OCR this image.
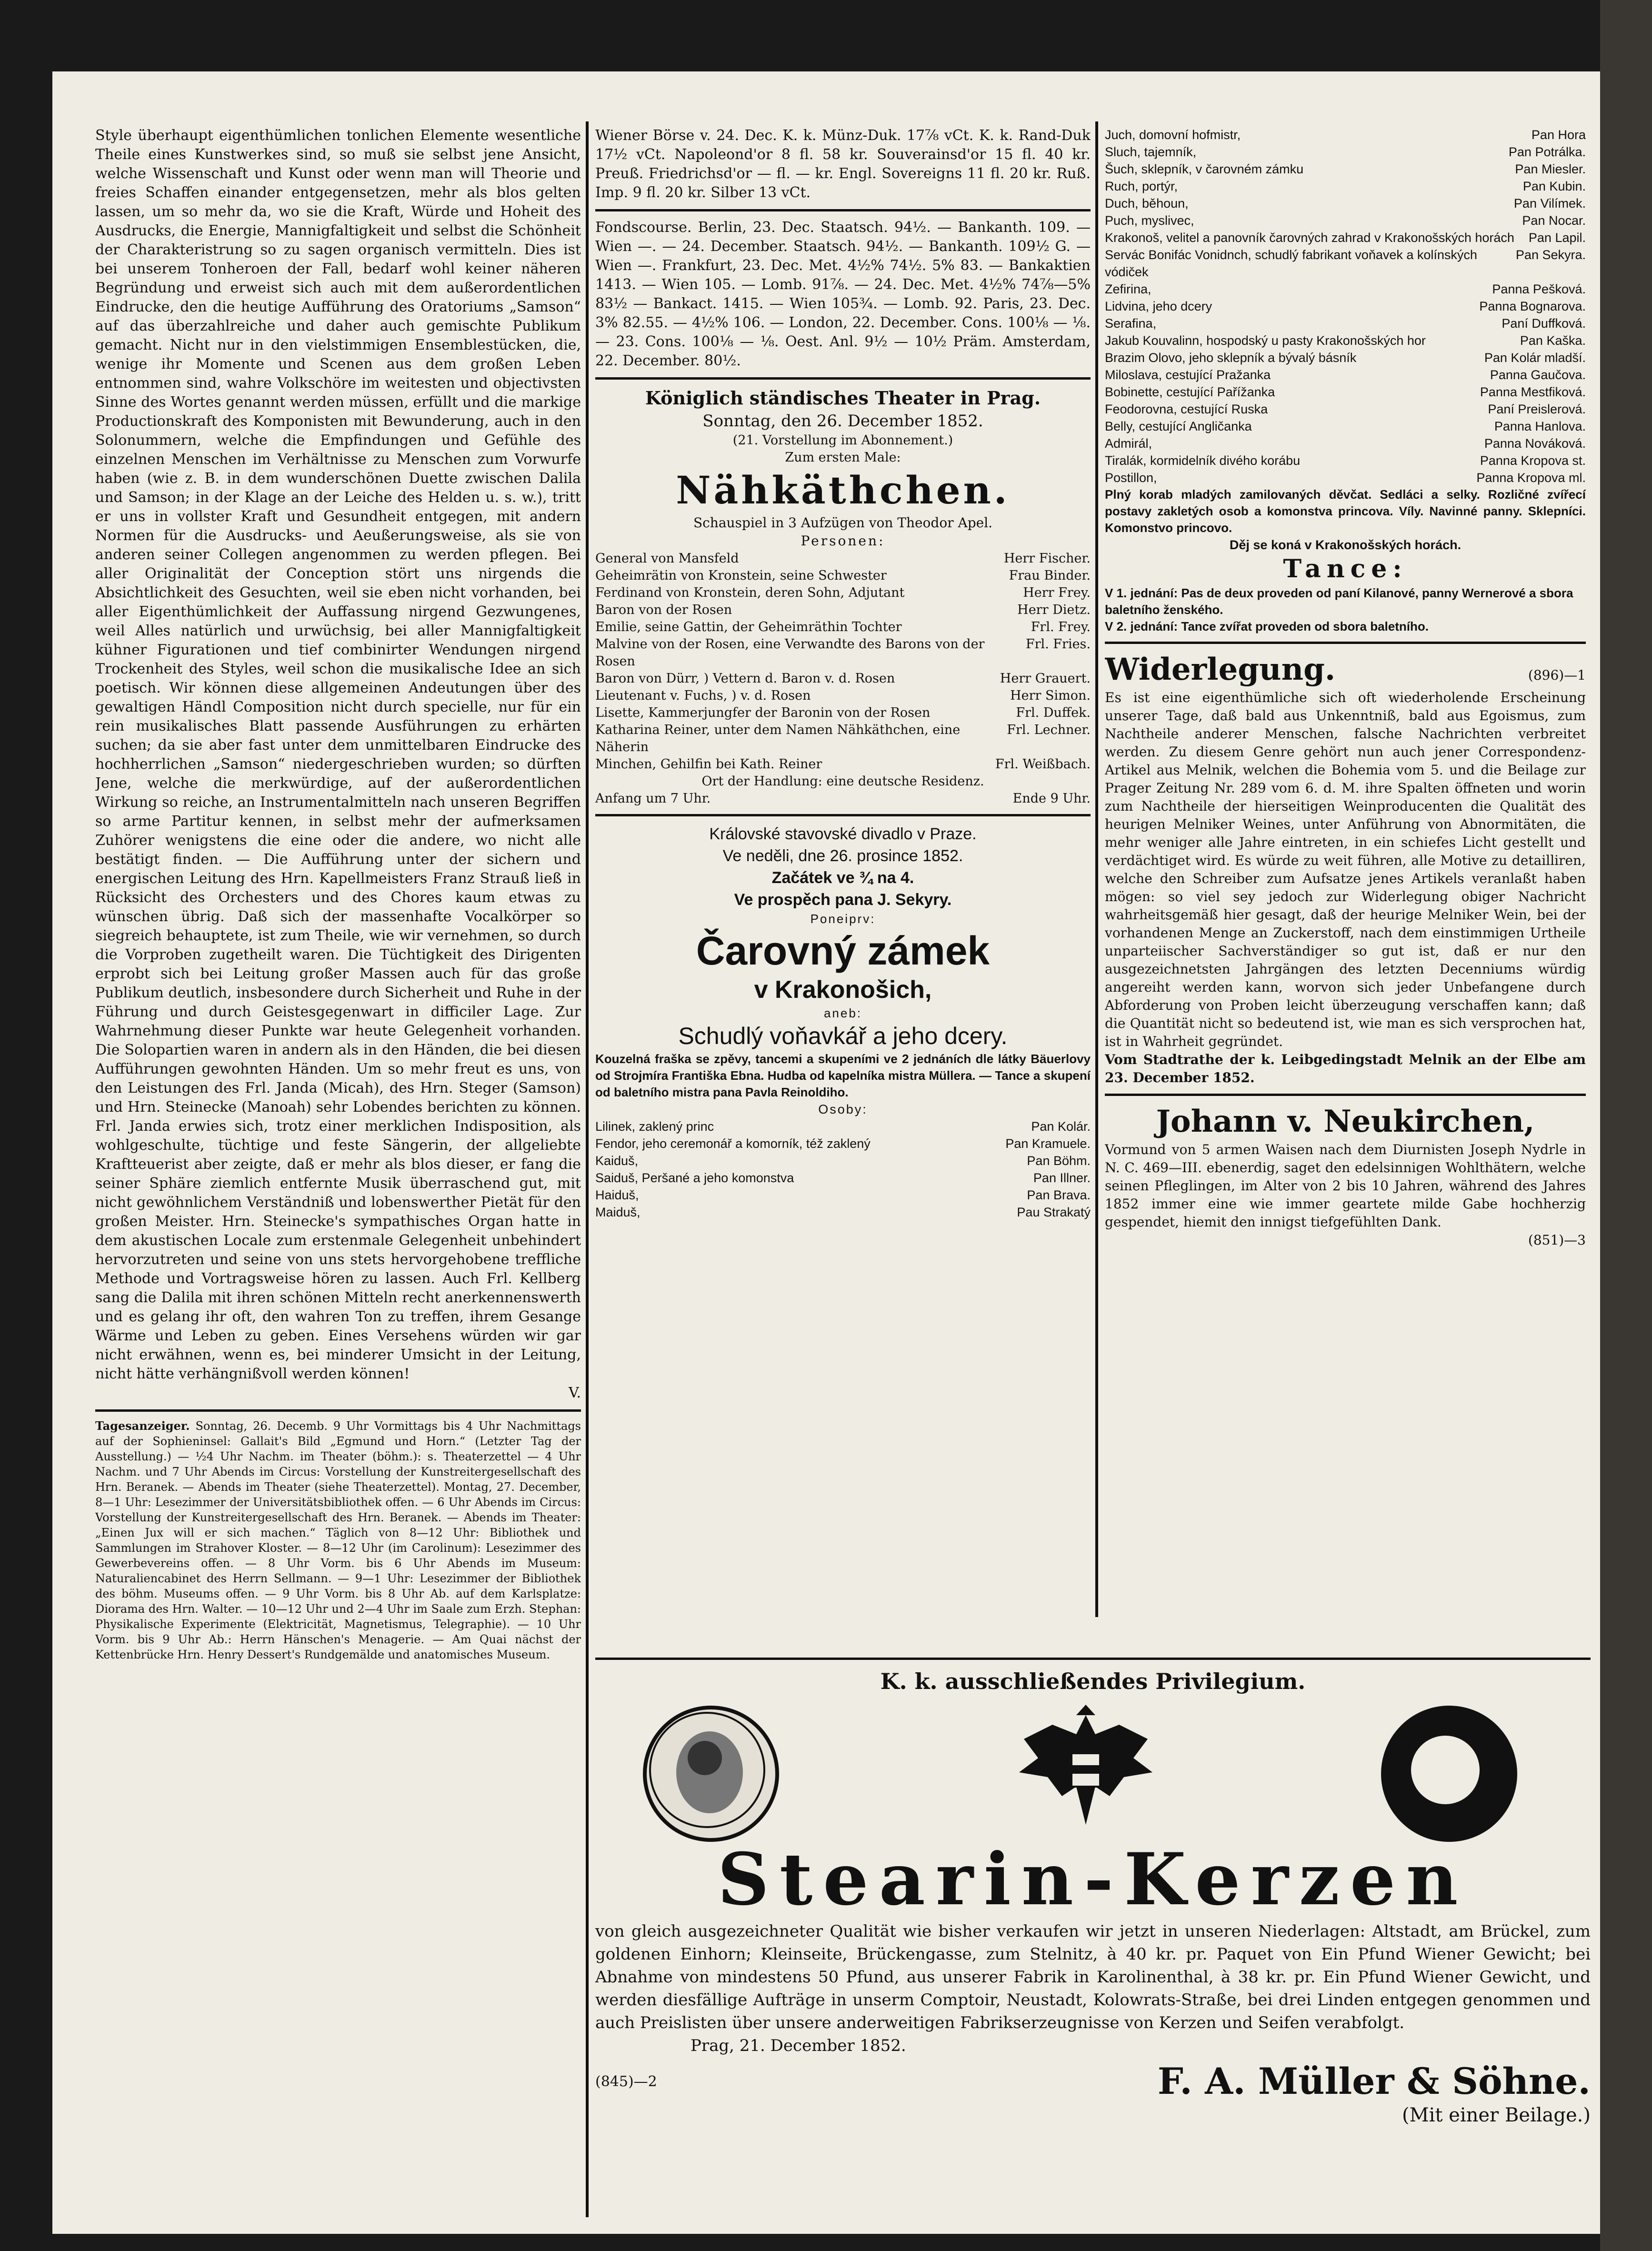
Style überhaupt eigenthümlichen tonlichen Elemente wesentliche Theile eines Kunstwerkes sind, so muß sie selbst jene Ansicht, welche Wissenschaft und Kunst oder wenn man will Theorie und freies Schaffen einander entgegensetzen, mehr als blos gelten lassen, um so mehr da, wo sie die Kraft, Würde und Hoheit des Ausdrucks, die Energie, Mannigfaltigkeit und selbst die Schönheit der Charakteristrung so zu sagen organisch vermitteln. Dies ist bei unserem Tonheroen der Fall, bedarf wohl keiner näheren Begründung und erweist sich auch mit dem außerordentlichen Eindrucke, den die heutige Aufführung des Oratoriums „Samson“ auf das überzahlreiche und daher auch gemischte Publikum gemacht. Nicht nur in den vielstimmigen Ensemblestücken, die, wenige ihr Momente und Scenen aus dem großen Leben entnommen sind, wahre Volkschöre im weitesten und objectivsten Sinne des Wortes genannt werden müssen, erfüllt und die markige Productionskraft des Komponisten mit Bewunderung, auch in den Solonummern, welche die Empfindungen und Gefühle des einzelnen Menschen im Verhältnisse zu Menschen zum Vorwurfe haben (wie z. B. in dem wunderschönen Duette zwischen Dalila und Samson; in der Klage an der Leiche des Helden u. s. w.), tritt er uns in vollster Kraft und Gesundheit entgegen, mit andern Normen für die Ausdrucks- und Aeußerungsweise, als sie von anderen seiner Collegen angenommen zu werden pflegen. Bei aller Originalität der Conception stört uns nirgends die Absichtlichkeit des Gesuchten, weil sie eben nicht vorhanden, bei aller Eigenthümlichkeit der Auffassung nirgend Gezwungenes, weil Alles natürlich und urwüchsig, bei aller Mannigfaltigkeit kühner Figurationen und tief combinirter Wendungen nirgend Trockenheit des Styles, weil schon die musikalische Idee an sich poetisch. Wir können diese allgemeinen Andeutungen über des gewaltigen Händl Composition nicht durch specielle, nur für ein rein musikalisches Blatt passende Ausführungen zu erhärten suchen; da sie aber fast unter dem unmittelbaren Eindrucke des hochherrlichen „Samson“ niedergeschrieben wurden; so dürften Jene, welche die merkwürdige, auf der außerordentlichen Wirkung so reiche, an Instrumentalmitteln nach unseren Begriffen so arme Partitur kennen, in selbst mehr der aufmerksamen Zuhörer wenigstens die eine oder die andere, wo nicht alle bestätigt finden. — Die Aufführung unter der sichern und energischen Leitung des Hrn. Kapellmeisters Franz Strauß ließ in Rücksicht des Orchesters und des Chores kaum etwas zu wünschen übrig. Daß sich der massenhafte Vocalkörper so siegreich behauptete, ist zum Theile, wie wir vernehmen, so durch die Vorproben zugetheilt waren. Die Tüchtigkeit des Dirigenten erprobt sich bei Leitung großer Massen auch für das große Publikum deutlich, insbesondere durch Sicherheit und Ruhe in der Führung und durch Geistesgegenwart in difficiler Lage. Zur Wahrnehmung dieser Punkte war heute Gelegenheit vorhanden. Die Solopartien waren in andern als in den Händen, die bei diesen Aufführungen gewohnten Händen. Um so mehr freut es uns, von den Leistungen des Frl. Janda (Micah), des Hrn. Steger (Samson) und Hrn. Steinecke (Manoah) sehr Lobendes berichten zu können. Frl. Janda erwies sich, trotz einer merklichen Indisposition, als wohlgeschulte, tüchtige und feste Sängerin, der allgeliebte Kraftteuerist aber zeigte, daß er mehr als blos dieser, er fang die seiner Sphäre ziemlich entfernte Musik überraschend gut, mit nicht gewöhnlichem Verständniß und lobenswerther Pietät für den großen Meister. Hrn. Steinecke's sympathisches Organ hatte in dem akustischen Locale zum erstenmale Gelegenheit unbehindert hervorzutreten und seine von uns stets hervorgehobene treffliche Methode und Vortragsweise hören zu lassen. Auch Frl. Kellberg sang die Dalila mit ihren schönen Mitteln recht anerkennenswerth und es gelang ihr oft, den wahren Ton zu treffen, ihrem Gesange Wärme und Leben zu geben. Eines Versehens würden wir gar nicht erwähnen, wenn es, bei minderer Umsicht in der Leitung, nicht hätte verhängnißvoll werden können!

V.

Tagesanzeiger. Sonntag, 26. Decemb. 9 Uhr Vormittags bis 4 Uhr Nachmittags auf der Sophieninsel: Gallait's Bild „Egmund und Horn.“ (Letzter Tag der Ausstellung.) — ½4 Uhr Nachm. im Theater (böhm.): s. Theaterzettel — 4 Uhr Nachm. und 7 Uhr Abends im Circus: Vorstellung der Kunstreitergesellschaft des Hrn. Beranek. — Abends im Theater (siehe Theaterzettel). Montag, 27. December, 8—1 Uhr: Lesezimmer der Universitätsbibliothek offen. — 6 Uhr Abends im Circus: Vorstellung der Kunstreitergesellschaft des Hrn. Beranek. — Abends im Theater: „Einen Jux will er sich machen.“ Täglich von 8—12 Uhr: Bibliothek und Sammlungen im Strahover Kloster. — 8—12 Uhr (im Carolinum): Lesezimmer des Gewerbevereins offen. — 8 Uhr Vorm. bis 6 Uhr Abends im Museum: Naturaliencabinet des Herrn Sellmann. — 9—1 Uhr: Lesezimmer der Bibliothek des böhm. Museums offen. — 9 Uhr Vorm. bis 8 Uhr Ab. auf dem Karlsplatze: Diorama des Hrn. Walter. — 10—12 Uhr und 2—4 Uhr im Saale zum Erzh. Stephan: Physikalische Experimente (Elektricität, Magnetismus, Telegraphie). — 10 Uhr Vorm. bis 9 Uhr Ab.: Herrn Hänschen's Menagerie. — Am Quai nächst der Kettenbrücke Hrn. Henry Dessert's Rundgemälde und anatomisches Museum.

Wiener Börse v. 24. Dec. K. k. Münz-Duk. 17⅞ vCt. K. k. Rand-Duk 17½ vCt. Napoleond'or 8 fl. 58 kr. Souverainsd'or 15 fl. 40 kr. Preuß. Friedrichsd'or — fl. — kr. Engl. Sovereigns 11 fl. 20 kr. Ruß. Imp. 9 fl. 20 kr. Silber 13 vCt.

Fondscourse. Berlin, 23. Dec. Staatsch. 94½. — Bankanth. 109. — Wien —. — 24. December. Staatsch. 94½. — Bankanth. 109½ G. — Wien —. Frankfurt, 23. Dec. Met. 4½% 74½. 5% 83. — Bankaktien 1413. — Wien 105. — Lomb. 91⅞. — 24. Dec. Met. 4½% 74⅞—5% 83½ — Bankact. 1415. — Wien 105¾. — Lomb. 92. Paris, 23. Dec. 3% 82.55. — 4½% 106. — London, 22. December. Cons. 100⅛ — ⅛. — 23. Cons. 100⅛ — ⅛. Oest. Anl. 9½ — 10½ Präm. Amsterdam, 22. December. 80½.

Königlich ständisches Theater in Prag.

Sonntag, den 26. December 1852.

(21. Vorstellung im Abonnement.)

Zum ersten Male:

Nähkäthchen.

Schauspiel in 3 Aufzügen von Theodor Apel.

Personen:

General von Mansfeld	Herr Fischer.
Geheimrätin von Kronstein, seine Schwester	Frau Binder.
Ferdinand von Kronstein, deren Sohn, Adjutant	Herr Frey.
Baron von der Rosen	Herr Dietz.
Emilie, seine Gattin, der Geheimräthin Tochter	Frl. Frey.
Malvine von der Rosen, eine Verwandte des Barons von der Rosen
Frl. Fries.
Baron von Dürr, ) Vettern d. Baron v. d. Rosen	Herr Grauert.
Lieutenant v. Fuchs, ) v. d. Rosen	Herr Simon.
Lisette, Kammerjungfer der Baronin von der Rosen	Frl. Duffek.
Katharina Reiner, unter dem Namen Nähkäthchen, eine Näherin
Frl. Lechner.
Minchen, Gehilfin bei Kath. Reiner	Frl. Weißbach.

Ort der Handlung: eine deutsche Residenz.

Anfang um 7 Uhr.	Ende 9 Uhr.

Královské stavovské divadlo v Praze.

Ve neděli, dne 26. prosince 1852.

Začátek ve ¾ na 4.

Ve prospěch pana J. Sekyry.

Poneiprv:

Čarovný zámek

v Krakonošich,

aneb:

Schudlý voňavkář a jeho dcery.

Kouzelná fraška se zpěvy, tancemi a skupeními ve 2 jednáních dle látky Bäuerlovy od Strojmíra Františka Ebna. Hudba od kapelníka mistra Müllera. — Tance a skupení od baletního mistra pana Pavla Reinoldiho.

Osoby:

Lilinek, zaklený princ	Pan Kolár.
Fendor, jeho ceremonář a komorník, též zaklený	Pan Kramuele.
Kaiduš,	Pan Böhm.
Saiduš, Peršané a jeho komonstva	Pan Illner.
Haiduš,	Pan Brava.
Maiduš,	Pau Strakatý
Juch, domovní hofmistr,	Pan Hora
Sluch, tajemník,	Pan Potrálka.
Šuch, sklepník, v čarovném zámku	Pan Miesler.
Ruch, portýr,	Pan Kubin.
Duch, běhoun,	Pan Vilímek.
Puch, myslivec,	Pan Nocar.
Krakonoš, velitel a panovník čarovných zahrad v Krakonošských horách	Pan Lapil.
Servác Bonifác Vonidnch, schudlý fabrikant voňavek a kolínských vódiček
Pan Sekyra.
Zefirina,	Panna Pešková.
Lidvina, jeho dcery	Panna Bognarova.
Serafina,	Paní Duffková.
Jakub Kouvalinn, hospodský u pasty Krakonošských hor	Pan Kaška.
Brazim Olovo, jeho sklepník a bývalý básník	Pan Kolár mladší.
Miloslava, cestující Pražanka	Panna Gaučova.
Bobinette, cestující Pařížanka	Panna Mestfiková.
Feodorovna, cestující Ruska	Paní Preislerová.
Belly, cestující Angličanka	Panna Hanlova.
Admirál,	Panna Nováková.
Tiralák, kormidelník divého korábu	Panna Kropova st.
Postillon,	Panna Kropova ml.

Plný korab mladých zamilovaných děvčat. Sedláci a selky. Rozličné zvířecí postavy zakletých osob a komonstva princova. Víly. Navinné panny. Sklepníci. Komonstvo princovo.

Děj se koná v Krakonošských horách.

Tance:

V 1. jednání: Pas de deux proveden od paní Kilanové, panny Wernerové a sbora baletního ženského.

V 2. jednání: Tance zvířat proveden od sbora baletního.

Widerlegung.	(896)—1

Es ist eine eigenthümliche sich oft wiederholende Erscheinung unserer Tage, daß bald aus Unkenntniß, bald aus Egoismus, zum Nachtheile anderer Menschen, falsche Nachrichten verbreitet werden. Zu diesem Genre gehört nun auch jener Correspondenz-Artikel aus Melnik, welchen die Bohemia vom 5. und die Beilage zur Prager Zeitung Nr. 289 vom 6. d. M. ihre Spalten öffneten und worin zum Nachtheile der hierseitigen Weinproducenten die Qualität des heurigen Melniker Weines, unter Anführung von Abnormitäten, die mehr weniger alle Jahre eintreten, in ein schiefes Licht gestellt und verdächtiget wird. Es würde zu weit führen, alle Motive zu detailliren, welche den Schreiber zum Aufsatze jenes Artikels veranlaßt haben mögen: so viel sey jedoch zur Widerlegung obiger Nachricht wahrheitsgemäß hier gesagt, daß der heurige Melniker Wein, bei der vorhandenen Menge an Zuckerstoff, nach dem einstimmigen Urtheile unparteiischer Sachverständiger so gut ist, daß er nur den ausgezeichnetsten Jahrgängen des letzten Decenniums würdig angereiht werden kann, worvon sich jeder Unbefangene durch Abforderung von Proben leicht überzeugung verschaffen kann; daß die Quantität nicht so bedeutend ist, wie man es sich versprochen hat, ist in Wahrheit gegründet.

Vom Stadtrathe der k. Leibgedingstadt Melnik an der Elbe am 23. December 1852.

Johann v. Neukirchen,

Vormund von 5 armen Waisen nach dem Diurnisten Joseph Nydrle in N. C. 469—III. ebenerdig, saget den edelsinnigen Wohlthätern, welche seinen Pfleglingen, im Alter von 2 bis 10 Jahren, während des Jahres 1852 immer eine wie immer geartete milde Gabe hochherzig gespendet, hiemit den innigst tiefgefühlten Dank.

(851)—3

K. k. ausschließendes Privilegium.

Stearin-Kerzen

von gleich ausgezeichneter Qualität wie bisher verkaufen wir jetzt in unseren Niederlagen: Altstadt, am Brückel, zum goldenen Einhorn; Kleinseite, Brückengasse, zum Stelnitz, à 40 kr. pr. Paquet von Ein Pfund Wiener Gewicht; bei Abnahme von mindestens 50 Pfund, aus unserer Fabrik in Karolinenthal, à 38 kr. pr. Ein Pfund Wiener Gewicht, und werden diesfällige Aufträge in unserm Comptoir, Neustadt, Kolowrats-Straße, bei drei Linden entgegen genommen und auch Preislisten über unsere anderweitigen Fabrikserzeugnisse von Kerzen und Seifen verabfolgt.

Prag, 21. December 1852.

(845)—2	F. A. Müller & Söhne.

(Mit einer Beilage.)
